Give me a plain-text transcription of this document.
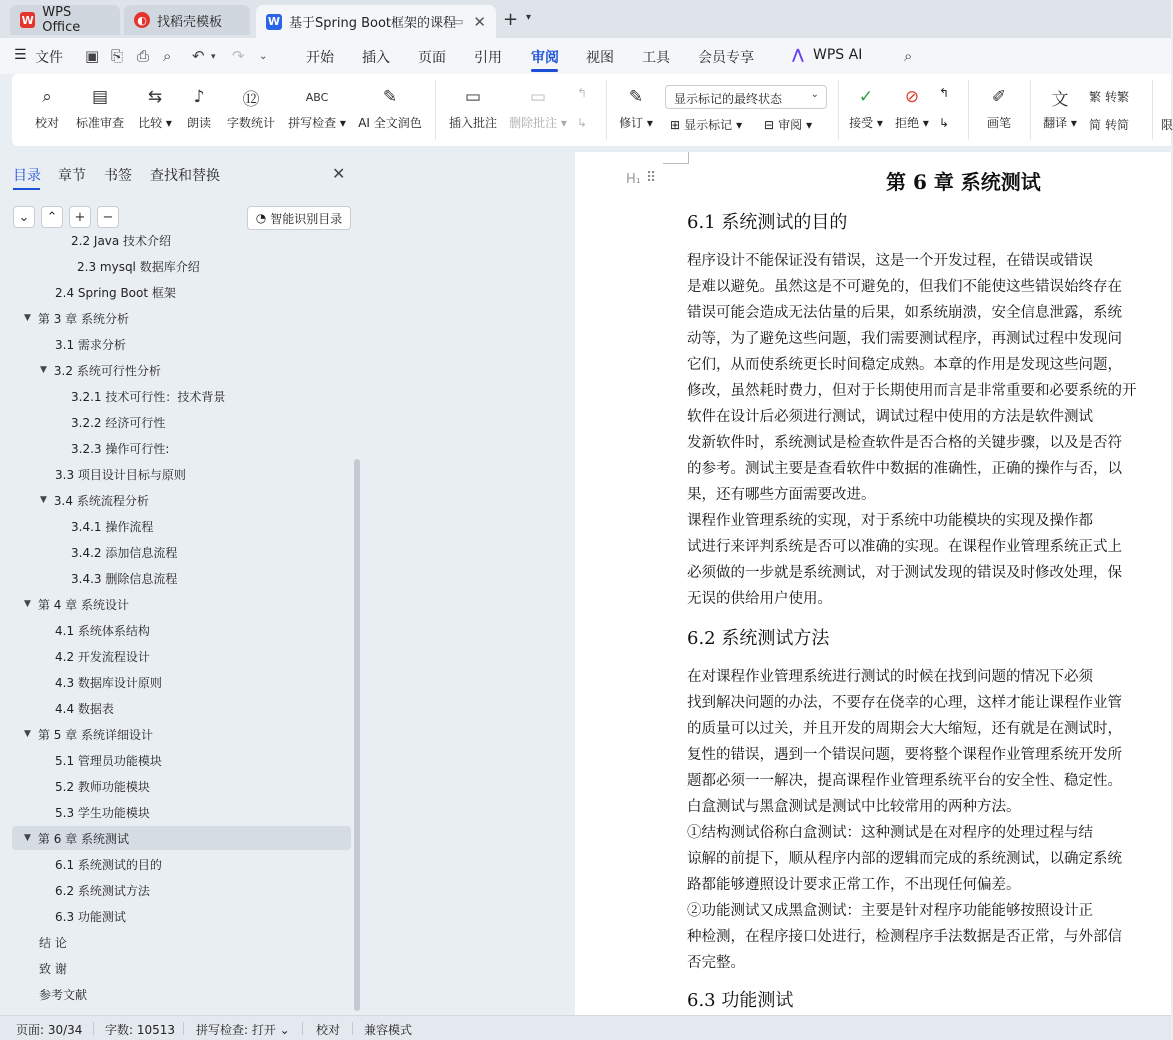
W WPS Office	◐ 找稻壳模板	W 基于Spring Boot框架的课程
▭ ✕ + ▾
☰ 文件 ▣ ⎘ ⎙ ⌕ ↶ ▾ ↷ ⌄	开始 插入 页面 引用 审阅 视图 工具 会员专享	⋀ WPS AI	⌕
⌕
校对
▤
标准审查
⇆
比较 ▾
♪
朗读
⑫
字数统计
ABC
拼写检查 ▾
✎
AI 全文润色
▭
插入批注
▭
删除批注 ▾
↰
↳
✎
修订 ▾
显示标记的最终状态	⌄
⊞ 显示标记 ▾ ⊟ 审阅 ▾
✓
接受 ▾
⊘
拒绝 ▾
↰
↳
✐
画笔
文
翻译 ▾
繁 转繁
简 转简	限
目录 章节 书签 查找和替换	✕
⌄ ⌃ + −	◔ 智能识别目录
2.2 Java 技术介绍
2.3 mysql 数据库介绍
2.4 Spring Boot 框架
▼ 第 3 章 系统分析
3.1 需求分析
▼ 3.2 系统可行性分析
3.2.1 技术可行性：技术背景
3.2.2 经济可行性
3.2.3 操作可行性:
3.3 项目设计目标与原则
▼ 3.4 系统流程分析
3.4.1 操作流程
3.4.2 添加信息流程
3.4.3 删除信息流程
▼ 第 4 章 系统设计
4.1 系统体系结构
4.2 开发流程设计
4.3 数据库设计原则
4.4 数据表
▼ 第 5 章 系统详细设计
5.1 管理员功能模块
5.2 教师功能模块
5.3 学生功能模块
▼ 第 6 章 系统测试
6.1 系统测试的目的
6.2 系统测试方法
6.3 功能测试
结 论
致 谢
参考文献
H₁ ⠿	第 6 章 系统测试
6.1 系统测试的目的
程序设计不能保证没有错误，这是一个开发过程，在错误或错误
是难以避免。虽然这是不可避免的，但我们不能使这些错误始终存在
错误可能会造成无法估量的后果，如系统崩溃，安全信息泄露，系统
动等，为了避免这些问题，我们需要测试程序，再测试过程中发现问
它们，从而使系统更长时间稳定成熟。本章的作用是发现这些问题，
修改，虽然耗时费力，但对于长期使用而言是非常重要和必要系统的开
软件在设计后必须进行测试，调试过程中使用的方法是软件测试
发新软件时，系统测试是检查软件是否合格的关键步骤，以及是否符
的参考。测试主要是查看软件中数据的准确性，正确的操作与否，以
果，还有哪些方面需要改进。
课程作业管理系统的实现，对于系统中功能模块的实现及操作都
试进行来评判系统是否可以准确的实现。在课程作业管理系统正式上
必须做的一步就是系统测试，对于测试发现的错误及时修改处理，保
无误的供给用户使用。
6.2 系统测试方法
在对课程作业管理系统进行测试的时候在找到问题的情况下必须
找到解决问题的办法，不要存在侥幸的心理，这样才能让课程作业管
的质量可以过关，并且开发的周期会大大缩短，还有就是在测试时，
复性的错误，遇到一个错误问题，要将整个课程作业管理系统开发所
题都必须一一解决，提高课程作业管理系统平台的安全性、稳定性。
白盒测试与黑盒测试是测试中比较常用的两种方法。
①结构测试俗称白盒测试：这种测试是在对程序的处理过程与结
谅解的前提下，顺从程序内部的逻辑而完成的系统测试，以确定系统
路都能够遵照设计要求正常工作，不出现任何偏差。
②功能测试又成黑盒测试：主要是针对程序功能能够按照设计正
种检测，在程序接口处进行，检测程序手法数据是否正常，与外部信
否完整。
6.3 功能测试
页面: 30/34 字数: 10513 拼写检查: 打开 ⌄ 校对 兼容模式
